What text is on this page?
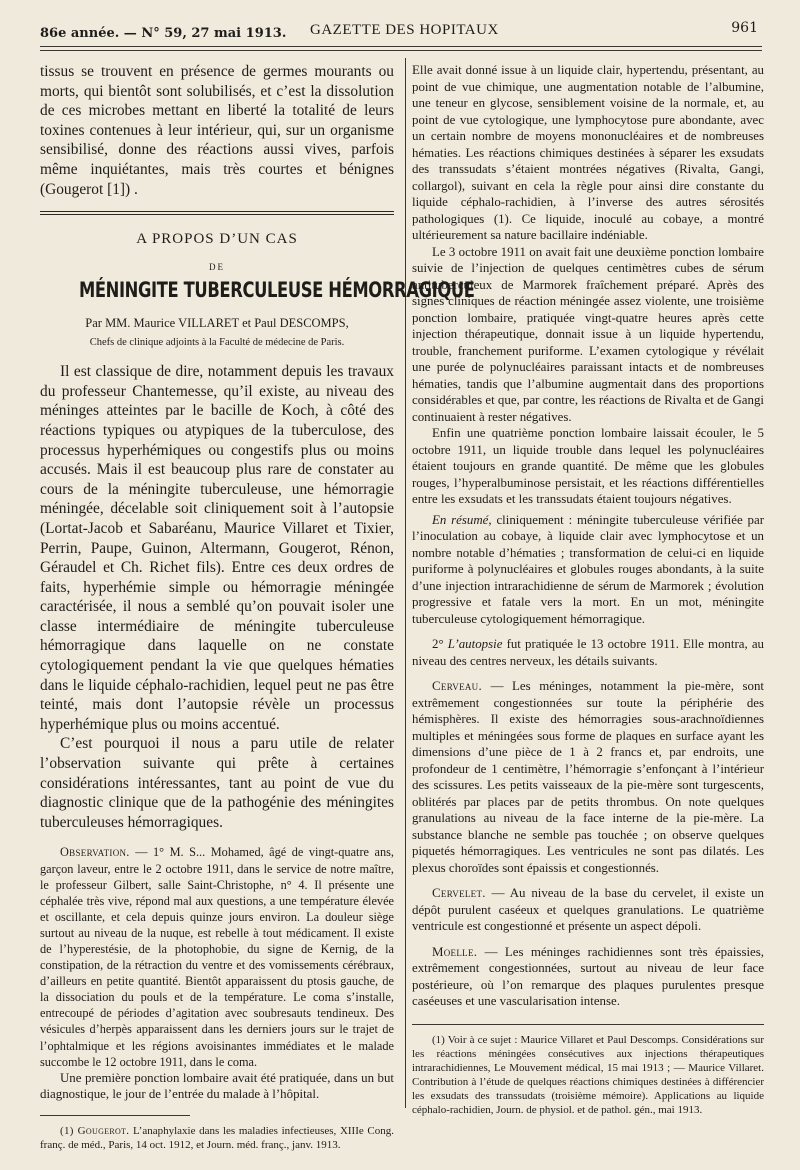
86e année. — N° 59, 27 mai 1913. GAZETTE DES HOPITAUX	961

tissus se trouvent en présence de germes mourants ou morts, qui bientôt sont solubilisés, et c’est la dissolution de ces microbes mettant en liberté la totalité de leurs toxines contenues à leur intérieur, qui, sur un organisme sensibilisé, donne des réactions aussi vives, parfois même inquiétantes, mais très courtes et bénignes (Gougerot [1]) .

A PROPOS D’UN CAS
DE
MÉNINGITE TUBERCULEUSE HÉMORRAGIQUE
Par MM. Maurice VILLARET et Paul DESCOMPS,
Chefs de clinique adjoints à la Faculté de médecine de Paris.

Il est classique de dire, notamment depuis les travaux du professeur Chantemesse, qu’il existe, au niveau des méninges atteintes par le bacille de Koch, à côté des réactions typiques ou atypiques de la tuberculose, des processus hyperhémiques ou congestifs plus ou moins accusés. Mais il est beaucoup plus rare de constater au cours de la méningite tuberculeuse, une hémorragie méningée, décelable soit cliniquement soit à l’autopsie (Lortat-Jacob et Sabaréanu, Maurice Villaret et Tixier, Perrin, Paupe, Guinon, Altermann, Gougerot, Rénon, Géraudel et Ch. Richet fils). Entre ces deux ordres de faits, hyperhémie simple ou hémorragie méningée caractérisée, il nous a semblé qu’on pouvait isoler une classe intermédiaire de méningite tuberculeuse hémorragique dans laquelle on ne constate cytologiquement pendant la vie que quelques hématies dans le liquide céphalo-rachidien, lequel peut ne pas être teinté, mais dont l’autopsie révèle un processus hyperhémique plus ou moins accentué.

C’est pourquoi il nous a paru utile de relater l’observation suivante qui prête à certaines considérations intéressantes, tant au point de vue du diagnostic clinique que de la pathogénie des méningites tuberculeuses hémorragiques.

Observation. — 1° M. S... Mohamed, âgé de vingt-quatre ans, garçon laveur, entre le 2 octobre 1911, dans le service de notre maître, le professeur Gilbert, salle Saint-Christophe, n° 4. Il présente une céphalée très vive, répond mal aux questions, a une température élevée et oscillante, et cela depuis quinze jours environ. La douleur siège surtout au niveau de la nuque, est rebelle à tout médicament. Il existe de l’hyperestésie, de la photophobie, du signe de Kernig, de la constipation, de la rétraction du ventre et des vomissements cérébraux, d’ailleurs en petite quantité. Bientôt apparaissent du ptosis gauche, de la dissociation du pouls et de la température. Le coma s’installe, entrecoupé de périodes d’agitation avec soubresauts tendineux. Des vésicules d’herpès apparaissent dans les derniers jours sur le trajet de l’ophtalmique et les régions avoisinantes immédiates et le malade succombe le 12 octobre 1911, dans le coma.

Une première ponction lombaire avait été pratiquée, dans un but diagnostique, le jour de l’entrée du malade à l’hôpital.

(1) Gougerot. L’anaphylaxie dans les maladies infectieuses, XIIIe Cong. franç. de méd., Paris, 14 oct. 1912, et Journ. méd. franç., janv. 1913.

Elle avait donné issue à un liquide clair, hypertendu, présentant, au point de vue chimique, une augmentation notable de l’albumine, une teneur en glycose, sensiblement voisine de la normale, et, au point de vue cytologique, une lymphocytose pure abondante, avec un certain nombre de moyens mononucléaires et de nombreuses hématies. Les réactions chimiques destinées à séparer les exsudats des transsudats s’étaient montrées négatives (Rivalta, Gangi, collargol), suivant en cela la règle pour ainsi dire constante du liquide céphalo-rachidien, à l’inverse des autres sérosités pathologiques (1). Ce liquide, inoculé au cobaye, a montré ultérieurement sa nature bacillaire indéniable.

Le 3 octobre 1911 on avait fait une deuxième ponction lombaire suivie de l’injection de quelques centimètres cubes de sérum antituberculeux de Marmorek fraîchement préparé. Après des signes cliniques de réaction méningée assez violente, une troisième ponction lombaire, pratiquée vingt-quatre heures après cette injection thérapeutique, donnait issue à un liquide hypertendu, trouble, franchement puriforme. L’examen cytologique y révélait une purée de polynucléaires paraissant intacts et de nombreuses hématies, tandis que l’albumine augmentait dans des proportions considérables et que, par contre, les réactions de Rivalta et de Gangi continuaient à rester négatives.

Enfin une quatrième ponction lombaire laissait écouler, le 5 octobre 1911, un liquide trouble dans lequel les polynucléaires étaient toujours en grande quantité. De même que les globules rouges, l’hyperalbuminose persistait, et les réactions différentielles entre les exsudats et les transsudats étaient toujours négatives.

En résumé, cliniquement : méningite tuberculeuse vérifiée par l’inoculation au cobaye, à liquide clair avec lymphocytose et un nombre notable d’hématies ; transformation de celui-ci en liquide puriforme à polynucléaires et globules rouges abondants, à la suite d’une injection intrarachidienne de sérum de Marmorek ; évolution progressive et fatale vers la mort. En un mot, méningite tuberculeuse cytologiquement hémorragique.

2° L’autopsie fut pratiquée le 13 octobre 1911. Elle montra, au niveau des centres nerveux, les détails suivants.

Cerveau. — Les méninges, notamment la pie-mère, sont extrêmement congestionnées sur toute la périphérie des hémisphères. Il existe des hémorragies sous-arachnoïdiennes multiples et méningées sous forme de plaques en surface ayant les dimensions d’une pièce de 1 à 2 francs et, par endroits, une profondeur de 1 centimètre, l’hémorragie s’enfonçant à l’intérieur des scissures. Les petits vaisseaux de la pie-mère sont turgescents, oblitérés par places par de petits thrombus. On note quelques granulations au niveau de la face interne de la pie-mère. La substance blanche ne semble pas touchée ; on observe quelques piquetés hémorragiques. Les ventricules ne sont pas dilatés. Les plexus choroïdes sont épaissis et congestionnés.

Cervelet. — Au niveau de la base du cervelet, il existe un dépôt purulent caséeux et quelques granulations. Le quatrième ventricule est congestionné et présente un aspect dépoli.

Moelle. — Les méninges rachidiennes sont très épaissies, extrêmement congestionnées, surtout au niveau de leur face postérieure, où l’on remarque des plaques purulentes presque caséeuses et une vascularisation intense.

(1) Voir à ce sujet : Maurice Villaret et Paul Descomps. Considérations sur les réactions méningées consécutives aux injections thérapeutiques intrarachidiennes, Le Mouvement médical, 15 mai 1913 ; — Maurice Villaret. Contribution à l’étude de quelques réactions chimiques destinées à différencier les exsudats des transsudats (troisième mémoire). Applications au liquide céphalo-rachidien, Journ. de physiol. et de pathol. gén., mai 1913.
